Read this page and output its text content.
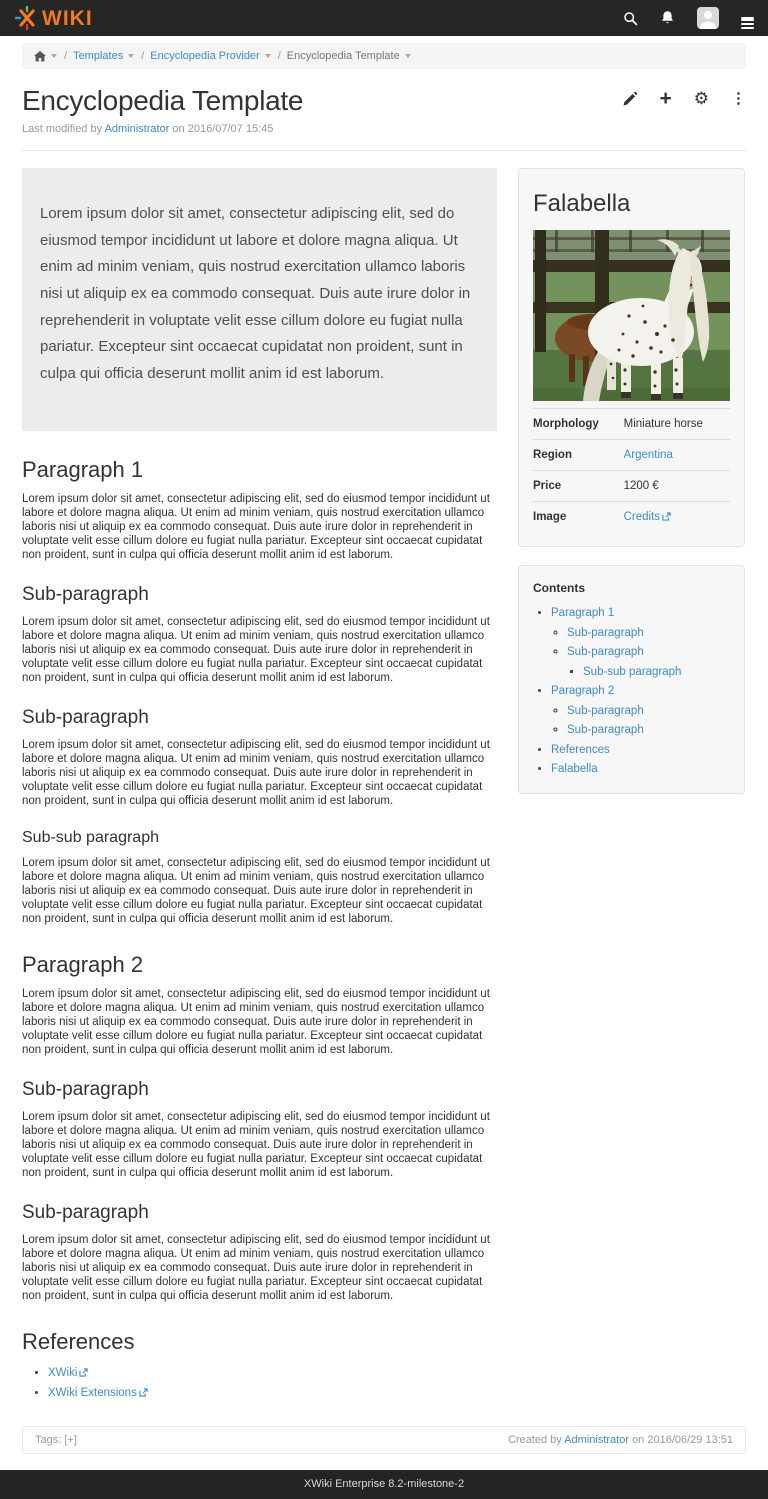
WIKI
/ Templates / Encyclopedia Provider / Encyclopedia Template
Encyclopedia Template	+ ⚙ ⋮
Last modified by Administrator on 2016/07/07 15:45
Lorem ipsum dolor sit amet, consectetur adipiscing elit, sed do eiusmod tempor incididunt ut labore et dolore magna aliqua. Ut enim ad minim veniam, quis nostrud exercitation ullamco laboris nisi ut aliquip ex ea commodo consequat. Duis aute irure dolor in reprehenderit in voluptate velit esse cillum dolore eu fugiat nulla pariatur. Excepteur sint occaecat cupidatat non proident, sunt in culpa qui officia deserunt mollit anim id est laborum.
Paragraph 1

Lorem ipsum dolor sit amet, consectetur adipiscing elit, sed do eiusmod tempor incididunt ut labore et dolore magna aliqua. Ut enim ad minim veniam, quis nostrud exercitation ullamco laboris nisi ut aliquip ex ea commodo consequat. Duis aute irure dolor in reprehenderit in voluptate velit esse cillum dolore eu fugiat nulla pariatur. Excepteur sint occaecat cupidatat non proident, sunt in culpa qui officia deserunt mollit anim id est laborum.

Sub-paragraph

Lorem ipsum dolor sit amet, consectetur adipiscing elit, sed do eiusmod tempor incididunt ut labore et dolore magna aliqua. Ut enim ad minim veniam, quis nostrud exercitation ullamco laboris nisi ut aliquip ex ea commodo consequat. Duis aute irure dolor in reprehenderit in voluptate velit esse cillum dolore eu fugiat nulla pariatur. Excepteur sint occaecat cupidatat non proident, sunt in culpa qui officia deserunt mollit anim id est laborum.

Sub-paragraph

Lorem ipsum dolor sit amet, consectetur adipiscing elit, sed do eiusmod tempor incididunt ut labore et dolore magna aliqua. Ut enim ad minim veniam, quis nostrud exercitation ullamco laboris nisi ut aliquip ex ea commodo consequat. Duis aute irure dolor in reprehenderit in voluptate velit esse cillum dolore eu fugiat nulla pariatur. Excepteur sint occaecat cupidatat non proident, sunt in culpa qui officia deserunt mollit anim id est laborum.

Sub-sub paragraph

Lorem ipsum dolor sit amet, consectetur adipiscing elit, sed do eiusmod tempor incididunt ut labore et dolore magna aliqua. Ut enim ad minim veniam, quis nostrud exercitation ullamco laboris nisi ut aliquip ex ea commodo consequat. Duis aute irure dolor in reprehenderit in voluptate velit esse cillum dolore eu fugiat nulla pariatur. Excepteur sint occaecat cupidatat non proident, sunt in culpa qui officia deserunt mollit anim id est laborum.

Paragraph 2

Lorem ipsum dolor sit amet, consectetur adipiscing elit, sed do eiusmod tempor incididunt ut labore et dolore magna aliqua. Ut enim ad minim veniam, quis nostrud exercitation ullamco laboris nisi ut aliquip ex ea commodo consequat. Duis aute irure dolor in reprehenderit in voluptate velit esse cillum dolore eu fugiat nulla pariatur. Excepteur sint occaecat cupidatat non proident, sunt in culpa qui officia deserunt mollit anim id est laborum.

Sub-paragraph

Lorem ipsum dolor sit amet, consectetur adipiscing elit, sed do eiusmod tempor incididunt ut labore et dolore magna aliqua. Ut enim ad minim veniam, quis nostrud exercitation ullamco laboris nisi ut aliquip ex ea commodo consequat. Duis aute irure dolor in reprehenderit in voluptate velit esse cillum dolore eu fugiat nulla pariatur. Excepteur sint occaecat cupidatat non proident, sunt in culpa qui officia deserunt mollit anim id est laborum.

Sub-paragraph

Lorem ipsum dolor sit amet, consectetur adipiscing elit, sed do eiusmod tempor incididunt ut labore et dolore magna aliqua. Ut enim ad minim veniam, quis nostrud exercitation ullamco laboris nisi ut aliquip ex ea commodo consequat. Duis aute irure dolor in reprehenderit in voluptate velit esse cillum dolore eu fugiat nulla pariatur. Excepteur sint occaecat cupidatat non proident, sunt in culpa qui officia deserunt mollit anim id est laborum.

References
• XWiki
• XWiki Extensions
Falabella
Morphology	Miniature horse
Region	Argentina
Price	1200 €
Image	Credits
Contents
• Paragraph 1
◦ Sub-paragraph
◦ Sub-paragraph
▪ Sub-sub paragraph
• Paragraph 2
◦ Sub-paragraph
◦ Sub-paragraph
• References
• Falabella
Tags: [+]	Created by Administrator on 2016/06/29 13:51
XWiki Enterprise 8.2-milestone-2
